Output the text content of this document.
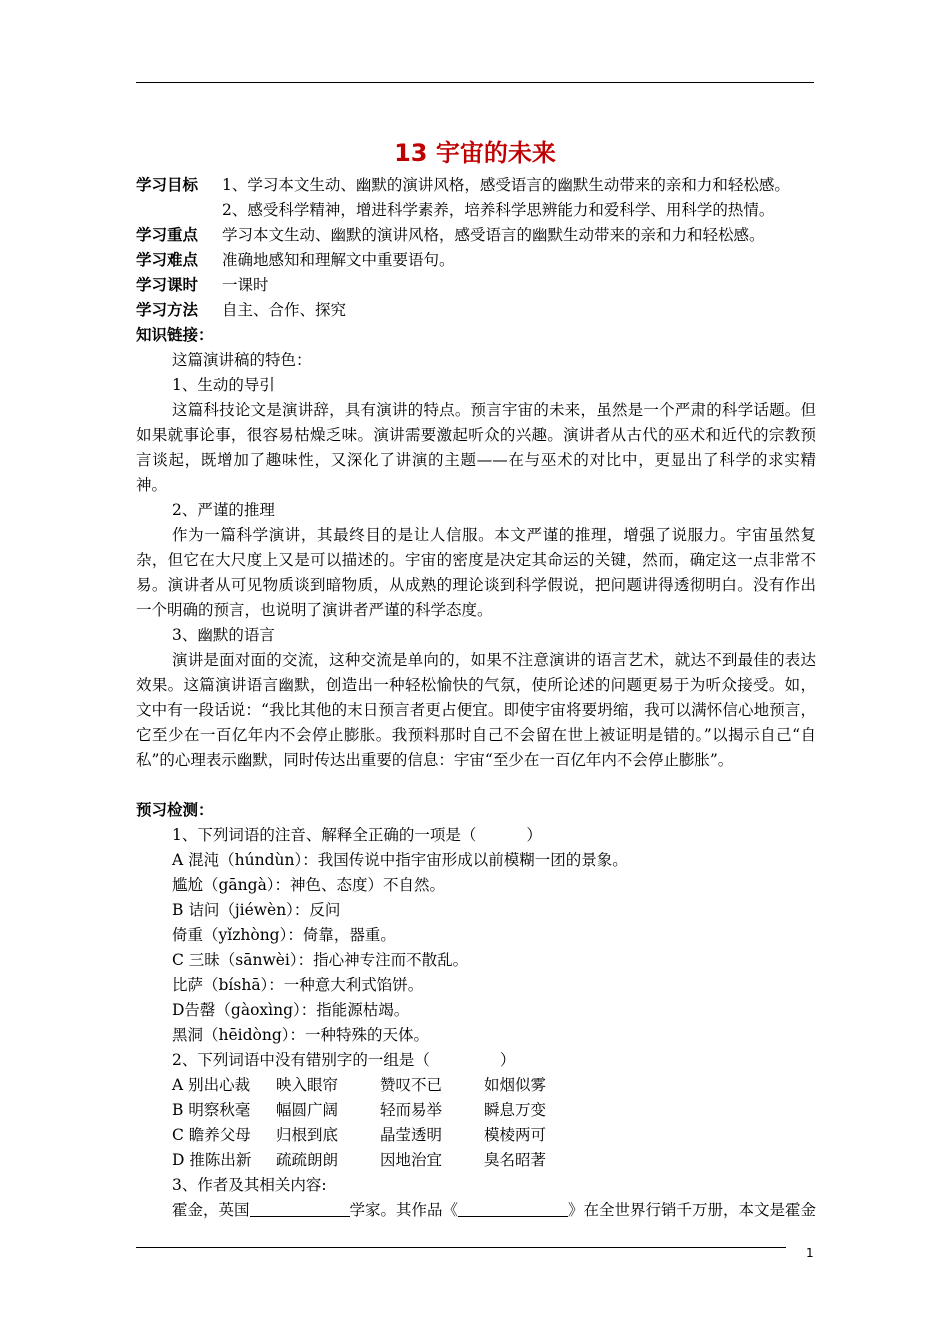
13 宇宙的未来
学习目标 1、学习本文生动、幽默的演讲风格，感受语言的幽默生动带来的亲和力和轻松感。
2、感受科学精神，增进科学素养，培养科学思辨能力和爱科学、用科学的热情。
学习重点 学习本文生动、幽默的演讲风格，感受语言的幽默生动带来的亲和力和轻松感。
学习难点 准确地感知和理解文中重要语句。
学习课时 一课时
学习方法 自主、合作、探究
知识链接：
这篇演讲稿的特色：
1、生动的导引
这篇科技论文是演讲辞，具有演讲的特点。预言宇宙的未来，虽然是一个严肃的科学话题。但如果就事论事，很容易枯燥乏味。演讲需要激起听众的兴趣。演讲者从古代的巫术和近代的宗教预言谈起，既增加了趣味性，又深化了讲演的主题——在与巫术的对比中，更显出了科学的求实精神。
2、严谨的推理
作为一篇科学演讲，其最终目的是让人信服。本文严谨的推理，增强了说服力。宇宙虽然复杂，但它在大尺度上又是可以描述的。宇宙的密度是决定其命运的关键，然而，确定这一点非常不易。演讲者从可见物质谈到暗物质，从成熟的理论谈到科学假说，把问题讲得透彻明白。没有作出一个明确的预言，也说明了演讲者严谨的科学态度。
3、幽默的语言
演讲是面对面的交流，这种交流是单向的，如果不注意演讲的语言艺术，就达不到最佳的表达效果。这篇演讲语言幽默，创造出一种轻松愉快的气氛，使所论述的问题更易于为听众接受。如，文中有一段话说：“我比其他的末日预言者更占便宜。即使宇宙将要坍缩，我可以满怀信心地预言，它至少在一百亿年内不会停止膨胀。我预料那时自己不会留在世上被证明是错的。”以揭示自己“自私”的心理表示幽默，同时传达出重要的信息：宇宙“至少在一百亿年内不会停止膨胀”。
预习检测：
1、下列词语的注音、解释全正确的一项是（	）
A 混沌（húndùn）：我国传说中指宇宙形成以前模糊一团的景象。
尴尬（gāngà）：神色、态度）不自然。
B 诘问（jiéwèn）：反问
倚重（yǐzhòng）：倚靠，器重。
C 三昧（sānwèi）：指心神专注而不散乱。
比萨（bíshā）：一种意大利式馅饼。
D告罄（gàoxìng）：指能源枯竭。
黑洞（hēidòng）：一种特殊的天体。
2、下列词语中没有错别字的一组是（	）
A 别出心裁 映入眼帘	赞叹不已	如烟似雾
B 明察秋毫 幅圆广阔	轻而易举	瞬息万变
C 瞻养父母 归根到底	晶莹透明	模棱两可
D 推陈出新 疏疏朗朗	因地治宜	臭名昭著
3、作者及其相关内容:
霍金，英国	学家。其作品《	》在全世界行销千万册，本文是霍金
1
